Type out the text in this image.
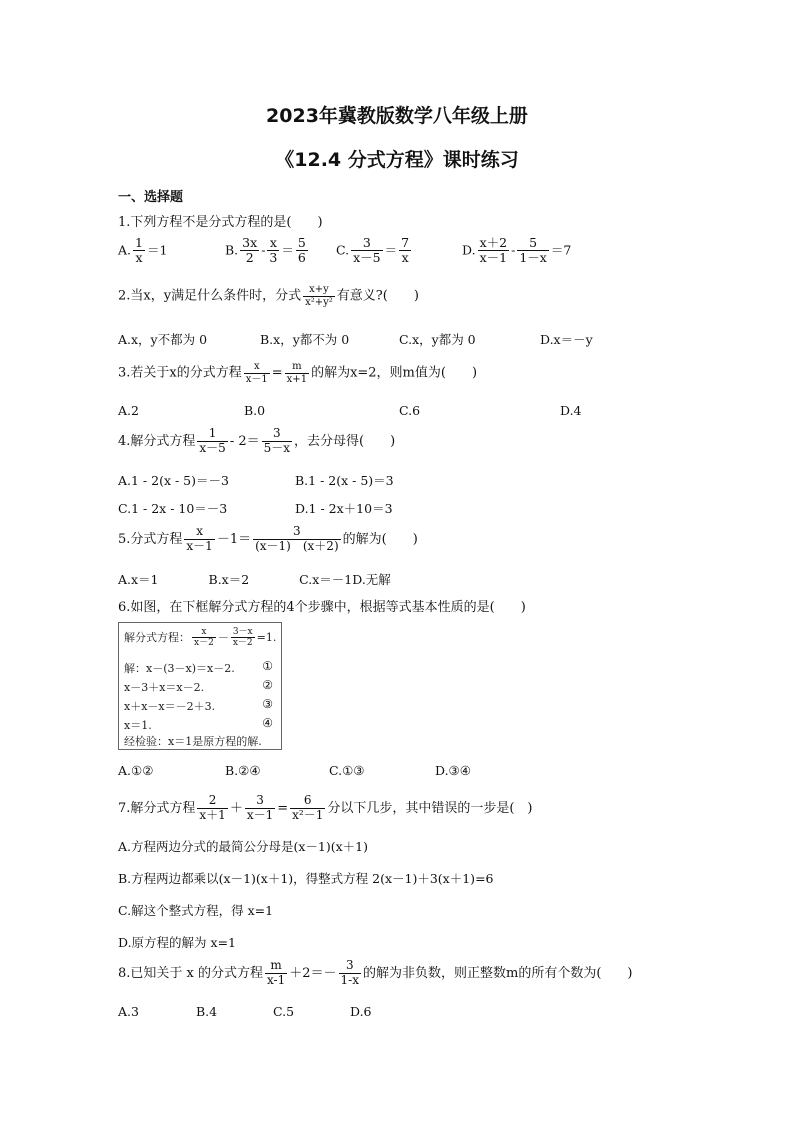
2023年冀教版数学八年级上册
《12.4 分式方程》课时练习
一、选择题
1.下列方程不是分式方程的是(　　)
A. $\frac{1}{x} =1$	B. $\frac{3x}{2} - \frac{x}{3} = \frac{5}{6} C$. $\frac{3}{x-5} = \frac{7}{x}$	D. $\frac{x+2}{x-1} - \frac{5}{1-x} =7$
2.当x，y满足什么条件时，分式 $\frac{x+y}{\text{x²+y²}}$ 有意义?(　　)
A.x，y不都为 0	B.x，y都不为 0	C.x，y都为 0	D.x＝－y
3.若关于x的分式方程 $\frac{x}{x-1} = \frac{m}{x+1}$ 的解为x=2，则m值为(　　)
A.2	B.0	C.6	D.4
4.解分式方程 $\frac{1}{x-5} - 2= \frac{3}{5-x}$ ，去分母得(　　)
A.1 - 2(x - 5)＝－3	B.1 - 2(x - 5)＝3
C.1 - 2x - 10＝－3	D.1 - 2x＋10＝3
5.分式方程 $\frac{x}{x-1} -1= \frac{3}{(x-1) (x+2)}$ 的解为(　　)
A.x＝1　　　　B.x＝2　　　　C.x＝－1D.无解
6.如图，在下框解分式方程的4个步骤中，根据等式基本性质的是(　　)
解分式方程： $\frac{x}{x-2} - \frac{3-x}{x-2} =1$.
解：x－(3－x)＝x－2.
x－3＋x＝x－2.
x＋x－x＝－2＋3.
x＝1.
经检验：x＝1是原方程的解.
①
②
③
④
A.①②	B.②④	C.①③	D.③④
7.解分式方程 $\frac{2}{x+1} + \frac{3}{x-1} = \frac{6}{\text{x²－1}}$ 分以下几步，其中错误的一步是(　)
A.方程两边分式的最简公分母是(x－1)(x＋1)
B.方程两边都乘以(x－1)(x＋1)，得整式方程 2(x－1)＋3(x＋1)=6
C.解这个整式方程，得 x=1
D.原方程的解为 x=1
8.已知关于 x 的分式方程 $\frac{m}{x-1} +2=- \frac{3}{1-x}$ 的解为非负数，则正整数m的所有个数为(　　)
A.3	B.4	C.5	D.6
